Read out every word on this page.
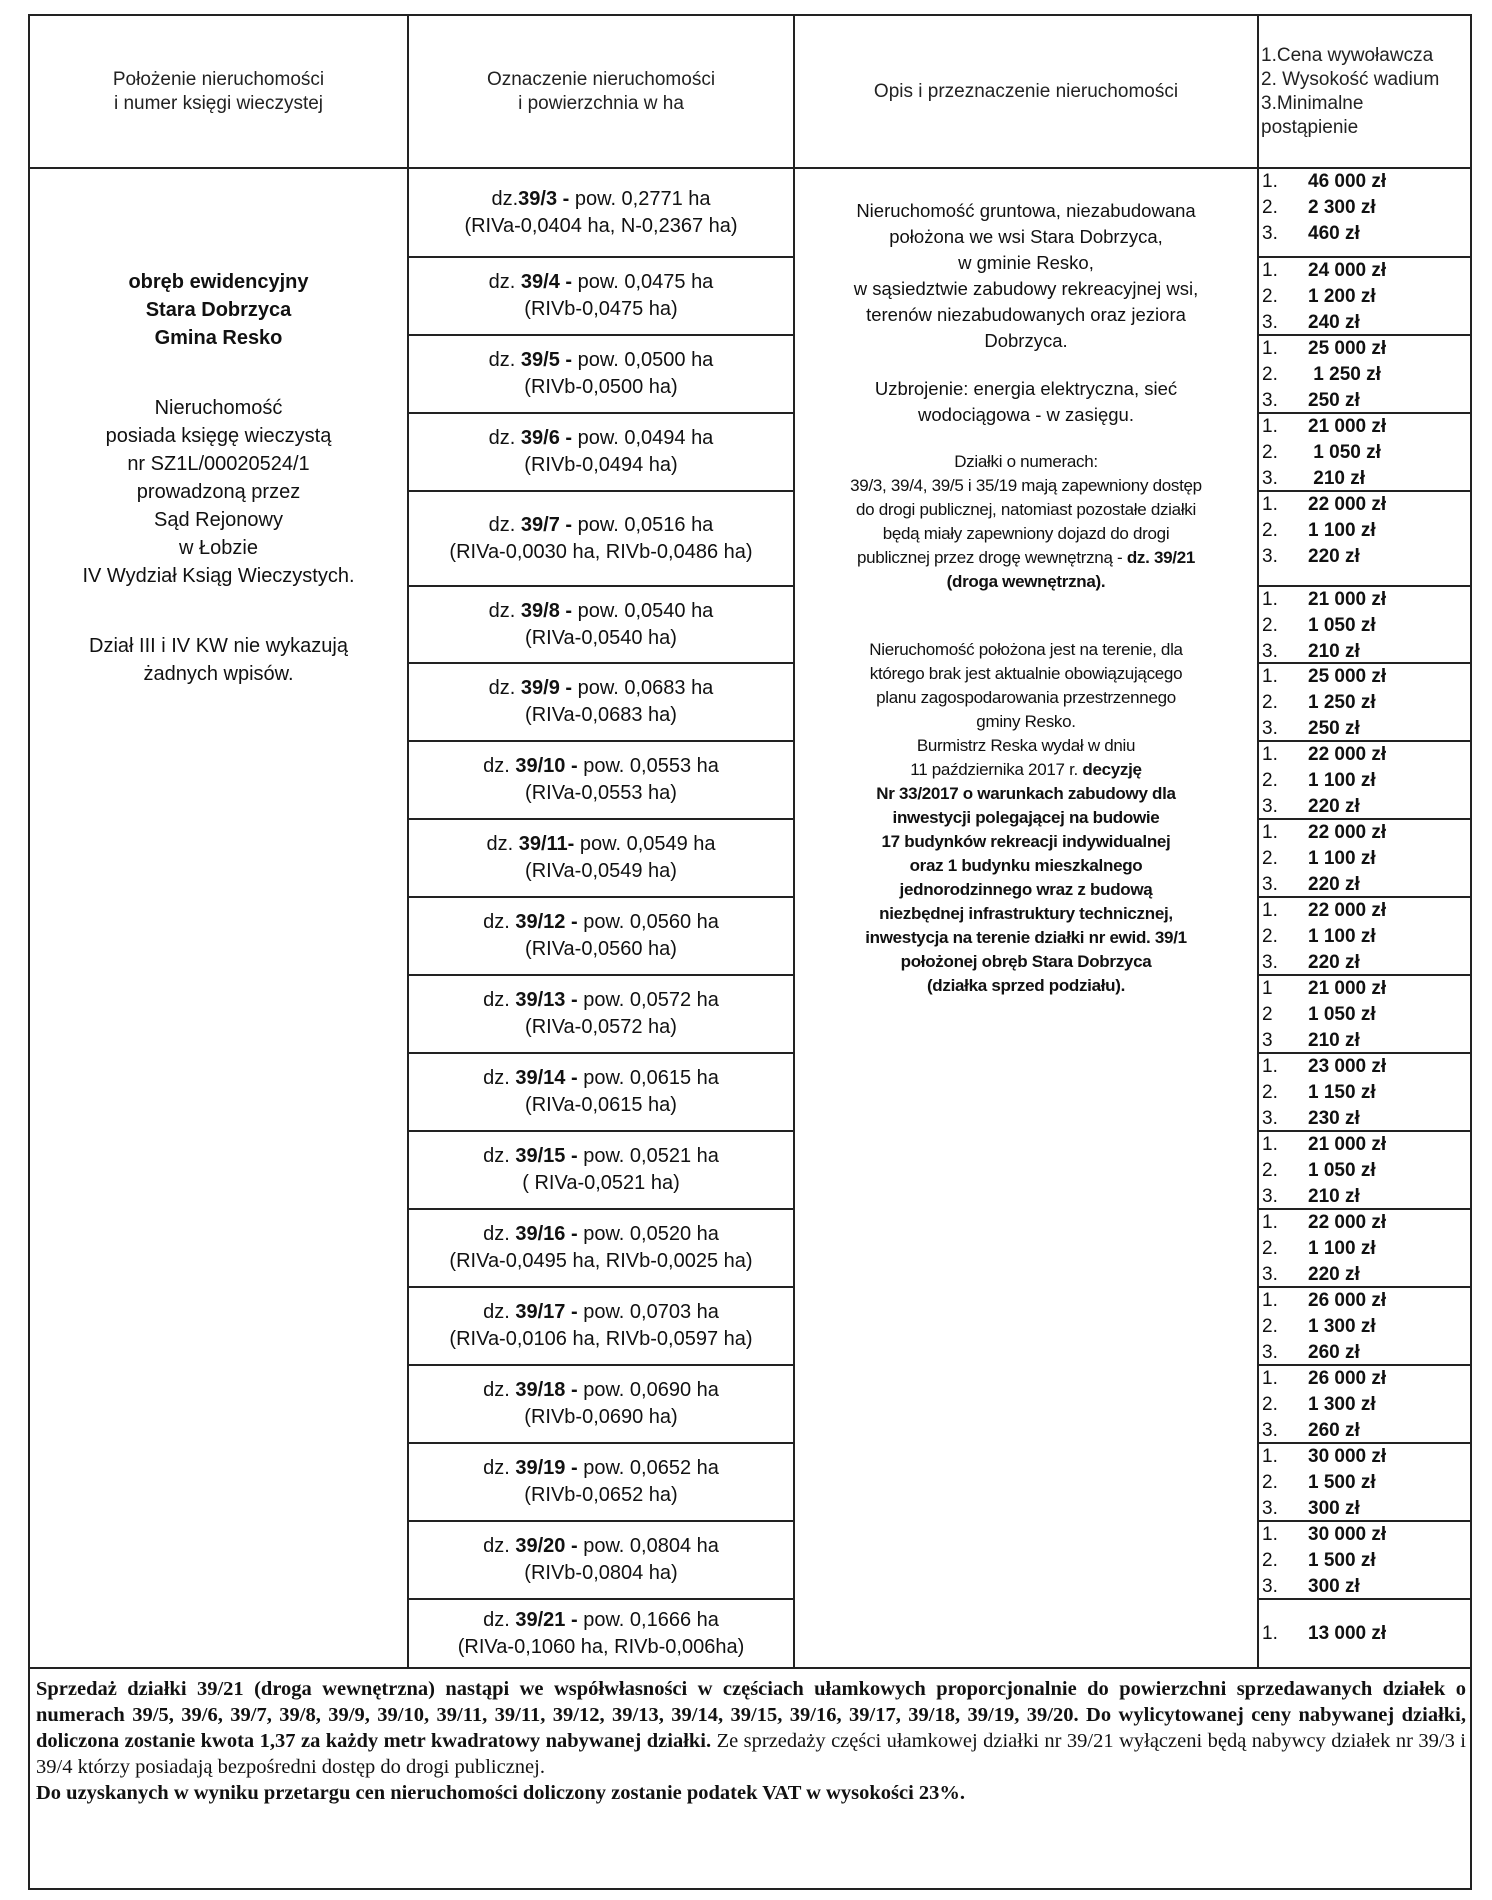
Położenie nieruchomości
i numer księgi wieczystej
Oznaczenie nieruchomości
i powierzchnia w ha
Opis i przeznaczenie nieruchomości
1.Cena wywoławcza
2. Wysokość wadium
3.Minimalne
postąpienie

obręb ewidencyjny

Stara Dobrzyca

Gmina Resko

Nieruchomość

posiada księgę wieczystą

nr SZ1L/00020524/1

prowadzoną przez

Sąd Rejonowy

w Łobzie

IV Wydział Ksiąg Wieczystych.

Dział III i IV KW nie wykazują

żadnych wpisów.

dz.39/3 - pow. 0,2771 ha
(RIVa-0,0404 ha, N-0,2367 ha)
dz. 39/4 - pow. 0,0475 ha
(RIVb-0,0475 ha)
dz. 39/5 - pow. 0,0500 ha
(RIVb-0,0500 ha)
dz. 39/6 - pow. 0,0494 ha
(RIVb-0,0494 ha)
dz. 39/7 - pow. 0,0516 ha
(RIVa-0,0030 ha, RIVb-0,0486 ha)
dz. 39/8 - pow. 0,0540 ha
(RIVa-0,0540 ha)
dz. 39/9 - pow. 0,0683 ha
(RIVa-0,0683 ha)
dz. 39/10 - pow. 0,0553 ha
(RIVa-0,0553 ha)
dz. 39/11- pow. 0,0549 ha
(RIVa-0,0549 ha)
dz. 39/12 - pow. 0,0560 ha
(RIVa-0,0560 ha)
dz. 39/13 - pow. 0,0572 ha
(RIVa-0,0572 ha)
dz. 39/14 - pow. 0,0615 ha
(RIVa-0,0615 ha)
dz. 39/15 - pow. 0,0521 ha
( RIVa-0,0521 ha)
dz. 39/16 - pow. 0,0520 ha
(RIVa-0,0495 ha, RIVb-0,0025 ha)
dz. 39/17 - pow. 0,0703 ha
(RIVa-0,0106 ha, RIVb-0,0597 ha)
dz. 39/18 - pow. 0,0690 ha
(RIVb-0,0690 ha)
dz. 39/19 - pow. 0,0652 ha
(RIVb-0,0652 ha)
dz. 39/20 - pow. 0,0804 ha
(RIVb-0,0804 ha)
dz. 39/21 - pow. 0,1666 ha
(RIVa-0,1060 ha, RIVb-0,006ha)
1. 46 000 zł
2. 2 300 zł
3. 460 zł
1. 24 000 zł
2. 1 200 zł
3. 240 zł
1. 25 000 zł
2. 1 250 zł
3. 250 zł
1. 21 000 zł
2. 1 050 zł
3. 210 zł
1. 22 000 zł
2. 1 100 zł
3. 220 zł
1. 21 000 zł
2. 1 050 zł
3. 210 zł
1. 25 000 zł
2. 1 250 zł
3. 250 zł
1. 22 000 zł
2. 1 100 zł
3. 220 zł
1. 22 000 zł
2. 1 100 zł
3. 220 zł
1. 22 000 zł
2. 1 100 zł
3. 220 zł
1 21 000 zł
2 1 050 zł
3 210 zł
1. 23 000 zł
2. 1 150 zł
3. 230 zł
1. 21 000 zł
2. 1 050 zł
3. 210 zł
1. 22 000 zł
2. 1 100 zł
3. 220 zł
1. 26 000 zł
2. 1 300 zł
3. 260 zł
1. 26 000 zł
2. 1 300 zł
3. 260 zł
1. 30 000 zł
2. 1 500 zł
3. 300 zł
1. 30 000 zł
2. 1 500 zł
3. 300 zł
1. 13 000 zł

Nieruchomość gruntowa, niezabudowana

położona we wsi Stara Dobrzyca,

w gminie Resko,

w sąsiedztwie zabudowy rekreacyjnej wsi,

terenów niezabudowanych oraz jeziora

Dobrzyca.

Uzbrojenie: energia elektryczna, sieć

wodociągowa - w zasięgu.

Działki o numerach:

39/3, 39/4, 39/5 i 35/19 mają zapewniony dostęp

do drogi publicznej, natomiast pozostałe działki

będą miały zapewniony dojazd do drogi

publicznej przez drogę wewnętrzną - dz. 39/21

(droga wewnętrzna).

Nieruchomość położona jest na terenie, dla

którego brak jest aktualnie obowiązującego

planu zagospodarowania przestrzennego

gminy Resko.

Burmistrz Reska wydał w dniu

11 października 2017 r. decyzję

Nr 33/2017 o warunkach zabudowy dla

inwestycji polegającej na budowie

17 budynków rekreacji indywidualnej

oraz 1 budynku mieszkalnego

jednorodzinnego wraz z budową

niezbędnej infrastruktury technicznej,

inwestycja na terenie działki nr ewid. 39/1

położonej obręb Stara Dobrzyca

(działka sprzed podziału).

Sprzedaż działki 39/21 (droga wewnętrzna) nastąpi we współwłasności w częściach ułamkowych proporcjonalnie do powierzchni sprzedawanych działek o numerach 39/5, 39/6, 39/7, 39/8, 39/9, 39/10, 39/11, 39/11, 39/12, 39/13, 39/14, 39/15, 39/16, 39/17, 39/18, 39/19, 39/20. Do wylicytowanej ceny nabywanej działki, doliczona zostanie kwota 1,37 za każdy metr kwadratowy nabywanej działki. Ze sprzedaży części ułamkowej działki nr 39/21 wyłączeni będą nabywcy działek nr 39/3 i 39/4 którzy posiadają bezpośredni dostęp do drogi publicznej.

Do uzyskanych w wyniku przetargu cen nieruchomości doliczony zostanie podatek VAT w wysokości 23%.
